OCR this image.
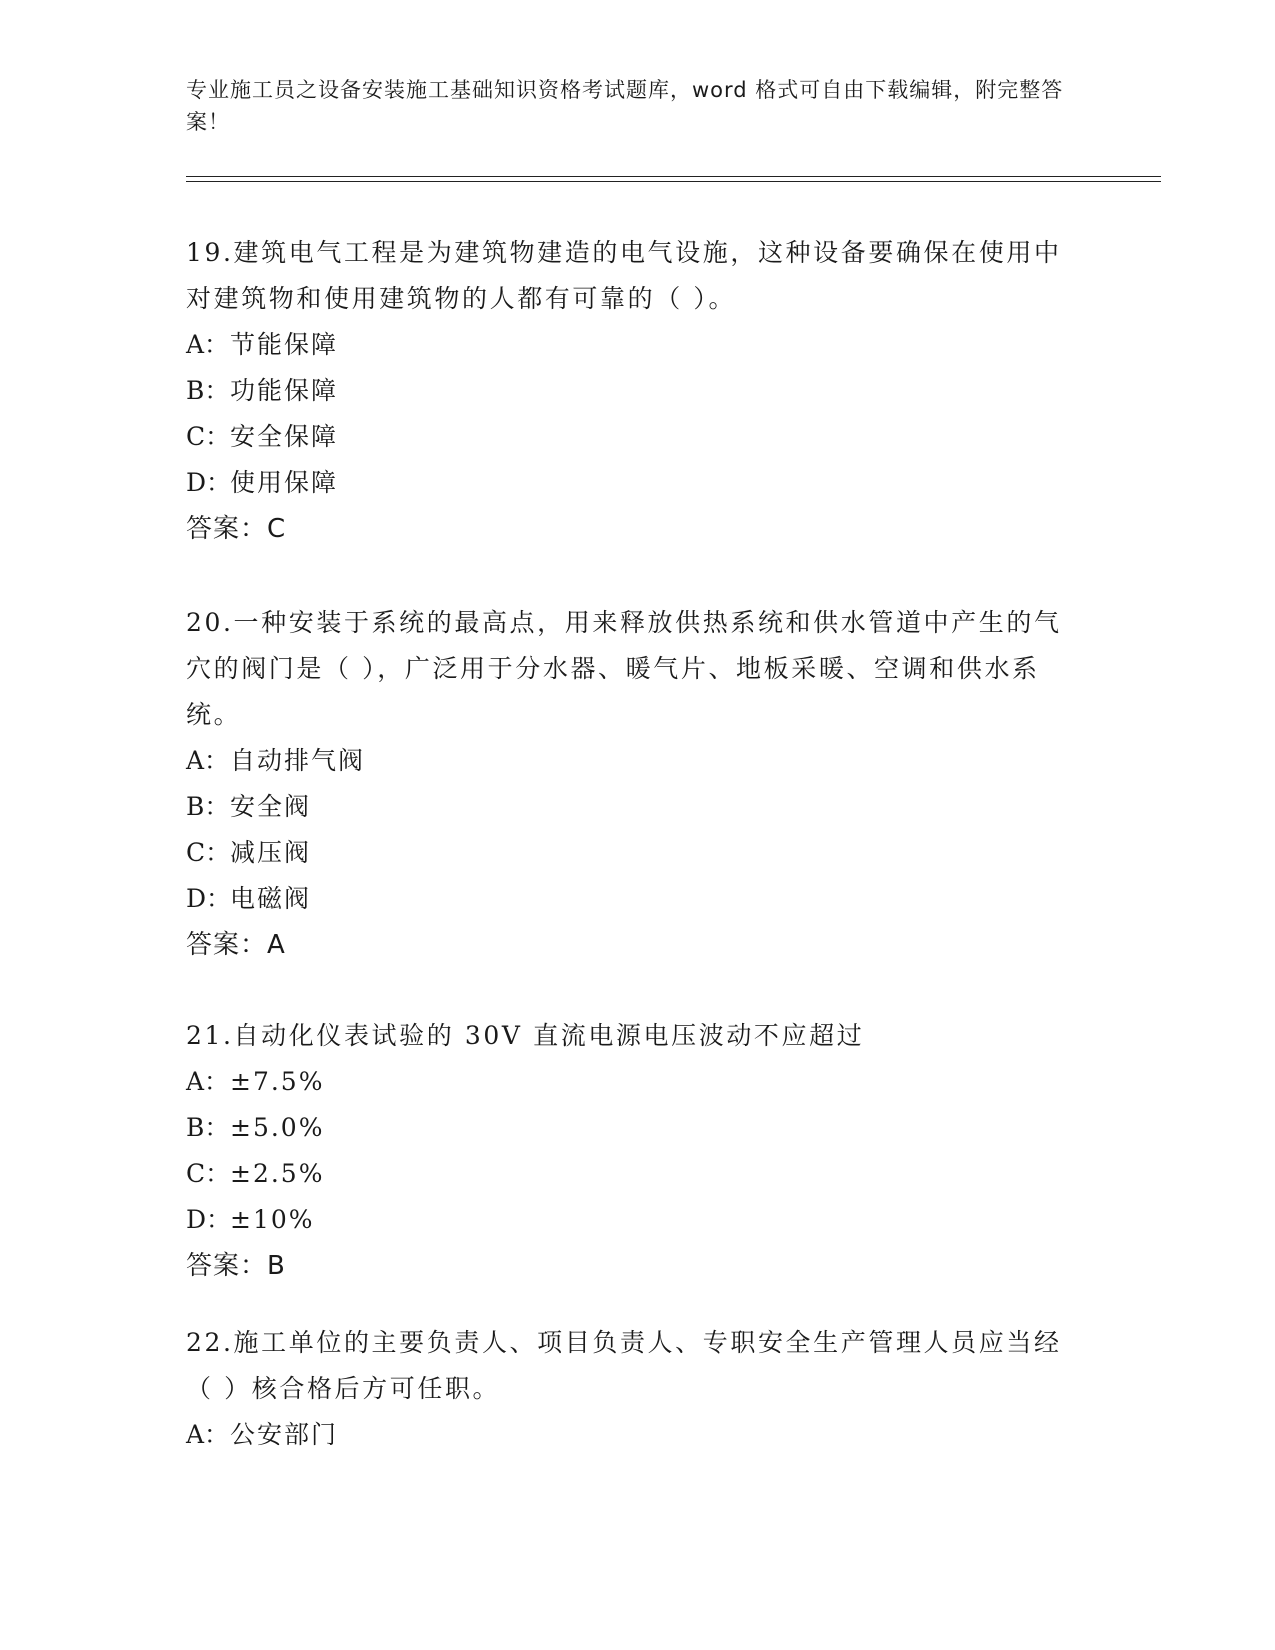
专业施工员之设备安装施工基础知识资格考试题库，word 格式可自由下载编辑，附完整答案！

19.建筑电气工程是为建筑物建造的电气设施，这种设备要确保在使用中对建筑物和使用建筑物的人都有可靠的（ ）。

A：节能保障

B：功能保障

C：安全保障

D：使用保障

答案：C

20.一种安装于系统的最高点，用来释放供热系统和供水管道中产生的气穴的阀门是（ ），广泛用于分水器、暖气片、地板采暖、空调和供水系统。

A：自动排气阀

B：安全阀

C：减压阀

D：电磁阀

答案：A

21.自动化仪表试验的 30V 直流电源电压波动不应超过

A：±7.5%

B：±5.0%

C：±2.5%

D：±10%

答案：B

22.施工单位的主要负责人、项目负责人、专职安全生产管理人员应当经（ ）核合格后方可任职。

A：公安部门
